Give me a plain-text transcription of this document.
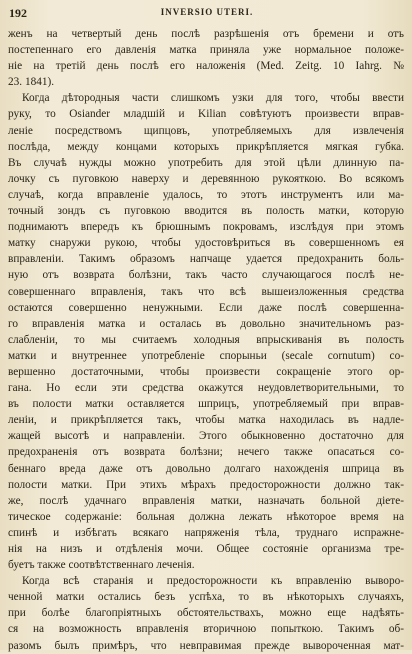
192	INVERSIO UTERI.
женъ на четвертый день послѣ разрѣшенія отъ бремени и отъ
постепеннаго его давленія матка приняла уже нормальное положе-
ніе на третій день послѣ его наложенія (Med. Zeitg. 10 Iahrg. №
23. 1841).
Когда дѣтородныя части слишкомъ узки для того, чтобы ввести
руку, то Osiander младшій и Kilian совѣтуютъ произвести вправ-
леніе посредствомъ щипцовъ, употребляемыхъ для извлеченія
послѣда, между концами которыхъ прикрѣпляется мягкая губка.
Въ случаѣ нужды можно употребить для этой цѣли длинную па-
лочку съ пуговкою наверху и деревянною рукояткою. Во всякомъ
случаѣ, когда вправленіе удалось, то этотъ инструментъ или ма-
точный зондъ съ пуговкою вводится въ полость матки, которую
поднимаютъ впередъ къ брюшнымъ покровамъ, изслѣдуя при этомъ
матку снаружи рукою, чтобы удостовѣриться въ совершенномъ ея
вправленіи. Такимъ образомъ напчаще удается предохранить боль-
ную отъ возврата болѣзни, такъ часто случающагося послѣ не-
совершеннаго вправленія, такъ что всѣ вышеизложенныя средства
остаются совершенно ненужными. Если даже послѣ совершенна-
го вправленія матка и осталась въ довольно значительномъ раз-
слабленіи, то мы считаемъ холодныя впрыскиванія въ полость
матки и внутреннее употребленіе спорыньи (secale cornutum) со-
вершенно достаточными, чтобы произвести сокращеніе этого ор-
гана. Но если эти средства окажутся неудовлетворительными, то
въ полости матки оставляется шприцъ, употребляемый при вправ-
леніи, и прикрѣпляется такъ, чтобы матка находилась въ надле-
жащей высотѣ и направленіи. Этого обыкновенно достаточно для
предохраненія отъ возврата болѣзни; нечего также опасаться со-
беннаго вреда даже отъ довольно долгаго нахожденія шприца въ
полости матки. При этихъ мѣрахъ предосторожности должно так-
же, послѣ удачнаго вправленія матки, назначать больной діете-
тическое содержаніе: больная должна лежать нѣкоторое время на
спинѣ и избѣгать всякаго напряженія тѣла, труднаго испражне-
нія на низъ и отдѣленія мочи. Общее состояніе организма тре-
буетъ также соотвѣтственнаго леченія.
Когда всѣ старанія и предосторожности къ вправленію выворо-
ченной матки остались безъ успѣха, то въ нѣкоторыхъ случаяхъ,
при болѣе благопріятныхъ обстоятельствахъ, можно еще надѣять-
ся на возможность вправленія вторичною попыткою. Такимъ об-
разомъ былъ примѣръ, что невправимая прежде вывороченная мат-
